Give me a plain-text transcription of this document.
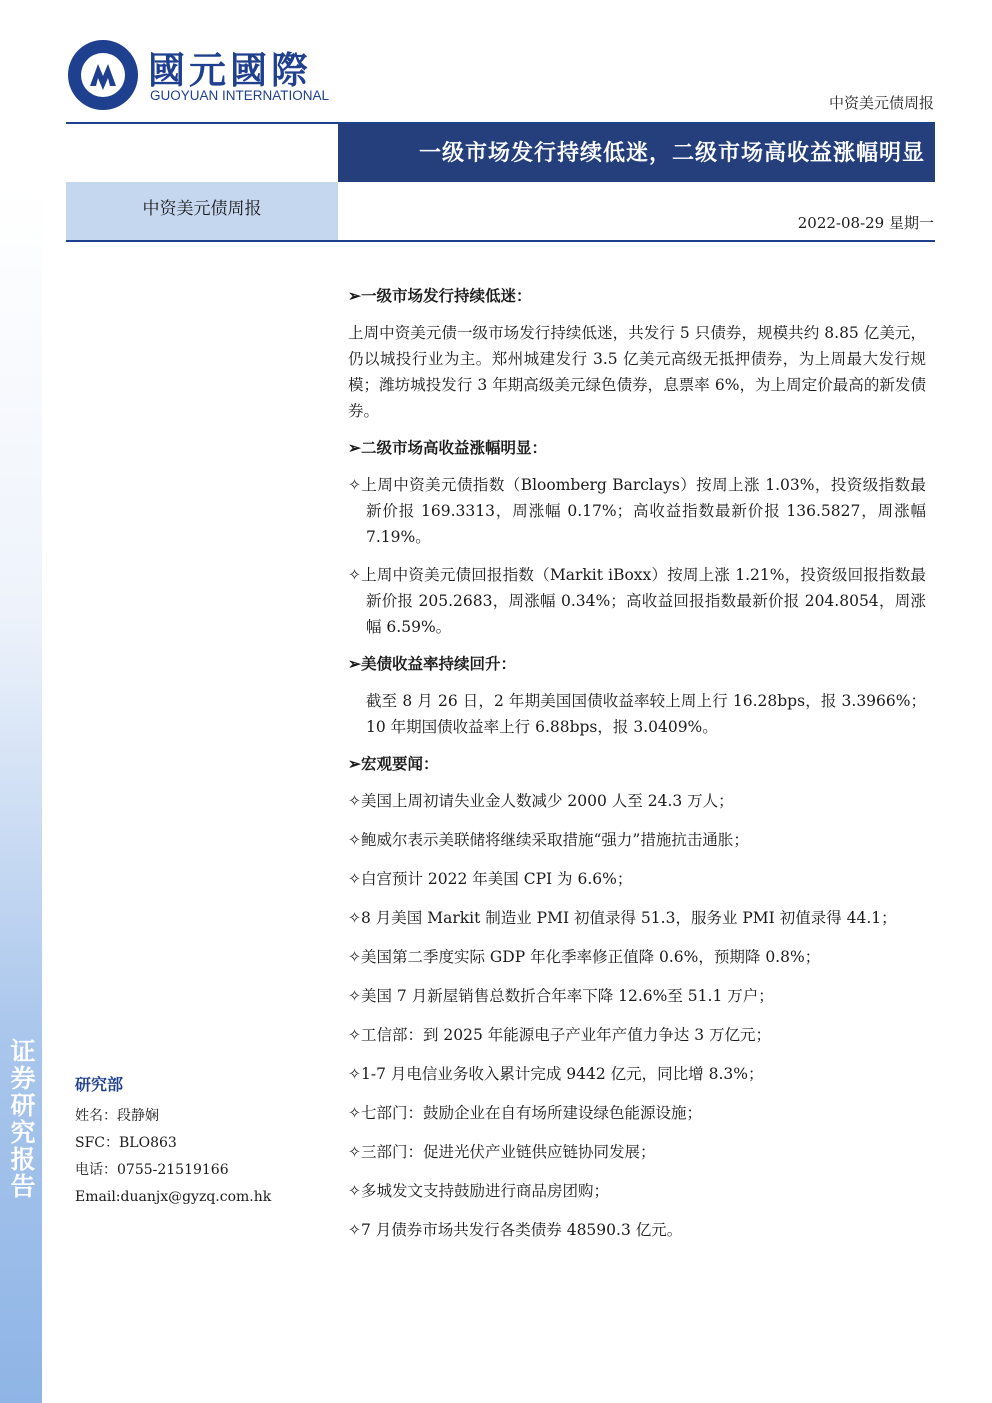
证券研究报告
國元國際
GUOYUAN INTERNATIONAL	中资美元债周报
一级市场发行持续低迷，二级市场高收益涨幅明显
中资美元债周报
2022-08-29 星期一
研究部
姓名：段静娴
SFC：BLO863
电话：0755-21519166
Email:duanjx@gyzq.com.hk
➢一级市场发行持续低迷：
上周中资美元债一级市场发行持续低迷，共发行 5 只债券，规模共约 8.85 亿美元，仍以城投行业为主。郑州城建发行 3.5 亿美元高级无抵押债券，为上周最大发行规模；潍坊城投发行 3 年期高级美元绿色债券，息票率 6%，为上周定价最高的新发债券。
➢二级市场高收益涨幅明显：
✧上周中资美元债指数（Bloomberg Barclays）按周上涨 1.03%，投资级指数最新价报 169.3313，周涨幅 0.17%；高收益指数最新价报 136.5827，周涨幅 7.19%。
✧上周中资美元债回报指数（Markit iBoxx）按周上涨 1.21%，投资级回报指数最新价报 205.2683，周涨幅 0.34%；高收益回报指数最新价报 204.8054，周涨幅 6.59%。
➢美债收益率持续回升：
截至 8 月 26 日，2 年期美国国债收益率较上周上行 16.28bps，报 3.3966%；10 年期国债收益率上行 6.88bps，报 3.0409%。
➢宏观要闻：
✧美国上周初请失业金人数减少 2000 人至 24.3 万人；
✧鲍威尔表示美联储将继续采取措施“强力”措施抗击通胀；
✧白宫预计 2022 年美国 CPI 为 6.6%；
✧8 月美国 Markit 制造业 PMI 初值录得 51.3，服务业 PMI 初值录得 44.1；
✧美国第二季度实际 GDP 年化季率修正值降 0.6%，预期降 0.8%；
✧美国 7 月新屋销售总数折合年率下降 12.6%至 51.1 万户；
✧工信部：到 2025 年能源电子产业年产值力争达 3 万亿元；
✧1-7 月电信业务收入累计完成 9442 亿元，同比增 8.3%；
✧七部门：鼓励企业在自有场所建设绿色能源设施；
✧三部门：促进光伏产业链供应链协同发展；
✧多城发文支持鼓励进行商品房团购；
✧7 月债券市场共发行各类债券 48590.3 亿元。
